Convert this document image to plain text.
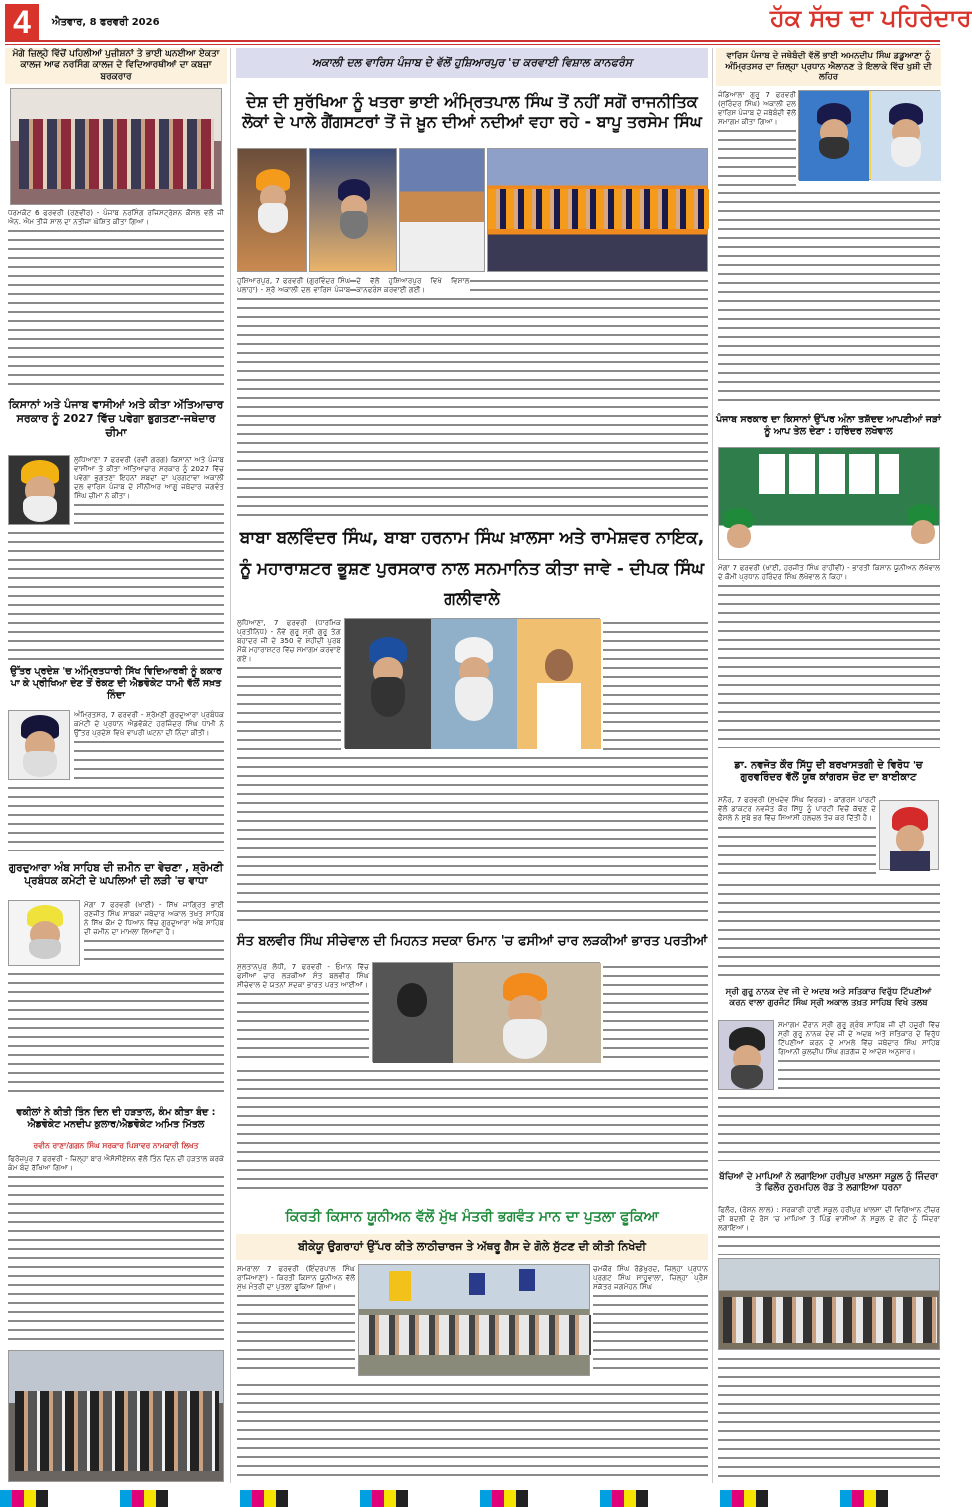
4	ਐਤਵਾਰ, 8 ਫਰਵਰੀ 2026	ਹੱਕ ਸੱਚ ਦਾ ਪਹਿਰੇਦਾਰ
ਮੋਗੇ ਜ਼ਿਲ੍ਹੇ ਵਿੱਚੋਂ ਪਹਿਲੀਆਂ ਪੁਜ਼ੀਸ਼ਨਾਂ ਤੇ ਭਾਈ ਘਨਈਆ ਏਕਤਾ ਕਾਲਜ ਆਫ ਨਰਸਿੰਗ ਕਾਲਜ ਦੇ ਵਿਦਿਆਰਥੀਆਂ ਦਾ ਕਬਜ਼ਾ ਬਰਕਰਾਰ

ਧਰਮਕੋਟ 6 ਫਰਵਰੀ (ਰਣਵੀਰ) - ਪੰਜਾਬ ਨਰਸਿੰਗ ਰਜਿਸਟ੍ਰੇਸ਼ਨ ਕੌਂਸਲ ਵਲੋਂ ਜੀ ਐਨ. ਐਮ ਤੀਜੇ ਸਾਲ ਦਾ ਨਤੀਜਾ ਘੋਸ਼ਿਤ ਕੀਤਾ ਗਿਆ।

ਕਿਸਾਨਾਂ ਅਤੇ ਪੰਜਾਬ ਵਾਸੀਆਂ ਅਤੇ ਕੀਤਾ ਅੱਤਿਆਚਾਰ ਸਰਕਾਰ ਨੂੰ 2027 ਵਿੱਚ ਪਵੇਗਾ ਭੁਗਤਣਾ-ਜਥੇਦਾਰ ਚੀਮਾ

ਲੁਧਿਆਣਾ 7 ਫਰਵਰੀ (ਰਵੀ ਗਰਗ) ਕਿਸਾਨਾਂ ਅਤੇ ਪੰਜਾਬ ਵਾਸੀਆ ਤੇ ਕੀਤਾ ਅੱਤਿਆਚਾਰ ਸਰਕਾਰ ਨੂੰ 2027 ਵਿੱਚ ਪਵੇਗਾ ਭੁਗਤਣਾ ਇਹਨਾਂ ਸ਼ਬਦਾਂ ਦਾ ਪ੍ਰਗਟਾਵਾ ਅਕਾਲੀ ਦਲ ਵਾਰਿਸ ਪੰਜਾਬ ਦੇ ਸੀਨੀਅਰ ਆਗੂ ਜਥੇਦਾਰ ਜਗਵੰਤ ਸਿੰਘ ਚੀਮਾ ਨੇ ਕੀਤਾ।

ਉੱਤਰ ਪ੍ਰਦੇਸ਼ 'ਚ ਅੰਮ੍ਰਿਤਧਾਰੀ ਸਿੱਖ ਵਿਦਿਆਰਥੀ ਨੂੰ ਕਕਾਰ ਪਾ ਕੇ ਪ੍ਰੀਖਿਆ ਦੇਣ ਤੋਂ ਰੋਕਣ ਦੀ ਐਡਵੋਕੇਟ ਧਾਮੀ ਵੱਲੋਂ ਸਖ਼ਤ ਨਿੰਦਾ

ਅੰਮ੍ਰਿਤਸਰ, 7 ਫਰਵਰੀ - ਸ਼੍ਰੋਮਣੀ ਗੁਰਦੁਆਰਾ ਪ੍ਰਬੰਧਕ ਕਮੇਟੀ ਦੇ ਪ੍ਰਧਾਨ ਐਡਵੋਕੇਟ ਹਰਜਿੰਦਰ ਸਿੰਘ ਧਾਮੀ ਨੇ ਉੱਤਰ ਪ੍ਰਦੇਸ਼ ਵਿਖੇ ਵਾਪਰੀ ਘਟਨਾ ਦੀ ਨਿੰਦਾ ਕੀਤੀ।

ਗੁਰਦੁਆਰਾ ਅੰਬ ਸਾਹਿਬ ਦੀ ਜ਼ਮੀਨ ਦਾ ਵੇਚਣਾ , ਸ਼੍ਰੋਮਣੀ ਪ੍ਰਬੰਧਕ ਕਮੇਟੀ ਦੇ ਘਪਲਿਆਂ ਦੀ ਲੜੀ 'ਚ ਵਾਧਾ

ਮੋਗਾ 7 ਫਰਵਰੀ (ਖਾਈ) - ਸਿੱਖ ਜਾਗ੍ਰਿਤ ਭਾਈ ਰਣਜੀਤ ਸਿੰਘ ਸਾਬਕਾ ਜਥੇਦਾਰ ਅਕਾਲ ਤਖ਼ਤ ਸਾਹਿਬ ਨੇ ਸਿੱਖ ਕੌਮ ਦੇ ਧਿਆਨ ਵਿੱਚ ਗੁਰਦੁਆਰਾ ਅੰਬ ਸਾਹਿਬ ਦੀ ਜ਼ਮੀਨ ਦਾ ਮਾਮਲਾ ਲਿਆਂਦਾ ਹੈ।

ਵਕੀਲਾਂ ਨੇ ਕੀਤੀ ਤਿੰਨ ਦਿਨ ਦੀ ਹੜਤਾਲ, ਕੰਮ ਕੀਤਾ ਬੰਦ : ਐਡਵੋਕੇਟ ਮਨਦੀਪ ਕੁਲਾਰ/ਐਡਵੋਕੇਟ ਅਮਿਤ ਮਿੱਤਲ
ਰਵੀਨ ਰਾਣਾ/ਗਗਨ ਸਿੰਘ ਸਰਕਾਰ ਪਿਸ਼ਾਵਰ ਨਾਮਕਾਰੀ ਲਿਖਤ

ਫਿਰੋਜ਼ਪੁਰ 7 ਫਰਵਰੀ - ਜ਼ਿਲ੍ਹਾ ਬਾਰ ਐਸੋਸੀਏਸ਼ਨ ਵੱਲੋਂ ਤਿੰਨ ਦਿਨ ਦੀ ਹੜਤਾਲ ਕਰਕੇ ਕੰਮ ਬੰਦ ਰੱਖਿਆ ਗਿਆ।

ਅਕਾਲੀ ਦਲ ਵਾਰਿਸ ਪੰਜਾਬ ਦੇ ਵੱਲੋਂ ਹੁਸ਼ਿਆਰਪੁਰ 'ਚ ਕਰਵਾਈ ਵਿਸ਼ਾਲ ਕਾਨਫਰੰਸ
ਦੇਸ਼ ਦੀ ਸੁਰੱਖਿਆ ਨੂੰ ਖਤਰਾ ਭਾਈ ਅੰਮ੍ਰਿਤਪਾਲ ਸਿੰਘ ਤੋਂ ਨਹੀਂ ਸਗੋਂ ਰਾਜਨੀਤਿਕ ਲੋਕਾਂ ਦੇ ਪਾਲੇ ਗੈਂਗਸਟਰਾਂ ਤੋਂ ਜੋ ਖ਼ੂਨ ਦੀਆਂ ਨਦੀਆਂ ਵਹਾ ਰਹੇ - ਬਾਪੂ ਤਰਸੇਮ ਸਿੰਘ

ਹੁਸ਼ਿਆਰਪੁਰ, 7 ਫਰਵਰੀ (ਗੁਰਵਿੰਦਰ ਸਿੰਘ ਪਲਾਹਾ) - ਸ਼੍ਰੋ ਅਕਾਲੀ ਦਲ ਵਾਰਿਸ ਪੰਜਾਬ ਦੇ ਵੱਲੋਂ ਹੁਸ਼ਿਆਰਪੁਰ ਵਿਖੇ ਵਿਸ਼ਾਲ ਕਾਨਫਰੰਸ ਕਰਵਾਈ ਗਈ।

ਬਾਬਾ ਬਲਵਿੰਦਰ ਸਿੰਘ, ਬਾਬਾ ਹਰਨਾਮ ਸਿੰਘ ਖ਼ਾਲਸਾ ਅਤੇ ਰਾਮੇਸ਼ਵਰ ਨਾਇਕ, ਨੂੰ ਮਹਾਰਾਸ਼ਟਰ ਭੂਸ਼ਣ ਪੁਰਸਕਾਰ ਨਾਲ ਸਨਮਾਨਿਤ ਕੀਤਾ ਜਾਵੇ - ਦੀਪਕ ਸਿੰਘ ਗਲੀਵਾਲੇ

ਲੁਧਿਆਣਾ, 7 ਫਰਵਰੀ (ਧਾਰਮਿਕ ਪ੍ਰਤੀਨਿਧ) - ਨੌਵੇਂ ਗੁਰੂ ਸ੍ਰੀ ਗੁਰੂ ਤੇਗ਼ ਬਹਾਦਰ ਜੀ ਦੇ 350 ਵੇਂ ਸ਼ਹੀਦੀ ਪੁਰਬ ਮੌਕੇ ਮਹਾਰਾਸ਼ਟਰ ਵਿੱਚ ਸਮਾਗਮ ਕਰਵਾਏ ਗਏ।

ਸੰਤ ਬਲਵੀਰ ਸਿੰਘ ਸੀਚੇਵਾਲ ਦੀ ਮਿਹਨਤ ਸਦਕਾ ਓਮਾਨ 'ਚ ਫਸੀਆਂ ਚਾਰ ਲੜਕੀਆਂ ਭਾਰਤ ਪਰਤੀਆਂ

ਸੁਲਤਾਨਪੁਰ ਲੋਧੀ, 7 ਫਰਵਰੀ - ਓਮਾਨ ਵਿੱਚ ਫਸੀਆਂ ਚਾਰ ਲੜਕੀਆਂ ਸੰਤ ਬਲਵੀਰ ਸਿੰਘ ਸੀਚੇਵਾਲ ਦੇ ਯਤਨਾਂ ਸਦਕਾ ਭਾਰਤ ਪਰਤ ਆਈਆਂ।

ਕਿਰਤੀ ਕਿਸਾਨ ਯੂਨੀਅਨ ਵੱਲੋਂ ਮੁੱਖ ਮੰਤਰੀ ਭਗਵੰਤ ਮਾਨ ਦਾ ਪੁਤਲਾ ਫੂਕਿਆ
ਬੀਕੇਯੂ ਉਗਰਾਹਾਂ ਉੱਪਰ ਕੀਤੇ ਲਾਠੀਚਾਰਜ ਤੇ ਅੱਥਰੂ ਗੈਸ ਦੇ ਗੋਲੇ ਸੁੱਟਣ ਦੀ ਕੀਤੀ ਨਿਖੇਦੀ

ਸਮਰਾਲਾ 7 ਫਰਵਰੀ (ਇੰਦਰਪਾਲ ਸਿੰਘ ਰਾਜਿਆਣਾ) - ਕਿਰਤੀ ਕਿਸਾਨ ਯੂਨੀਅਨ ਵੱਲੋਂ ਮੁੱਖ ਮੰਤਰੀ ਦਾ ਪੁਤਲਾ ਫੂਕਿਆ ਗਿਆ।

ਚਮਕੌਰ ਸਿੰਘ ਰੋਡੇਖੁਰਦ, ਜ਼ਿਲ੍ਹਾ ਪ੍ਰਧਾਨ ਪ੍ਰਗਟ ਸਿੰਘ ਸਾਹੂਵਾਲਾ, ਜ਼ਿਲ੍ਹਾ ਪ੍ਰੈਸ ਸਕੱਤਰ ਜਗਮੋਹਨ ਸਿੰਘ

ਵਾਰਿਸ ਪੰਜਾਬ ਦੇ ਜਥੇਬੰਦੀ ਵੱਲੋਂ ਭਾਈ ਅਮਨਦੀਪ ਸਿੰਘ ਡਡੂਆਣਾ ਨੂੰ ਅੰਮ੍ਰਿਤਸਰ ਦਾ ਜ਼ਿਲ੍ਹਾ ਪ੍ਰਧਾਨ ਐਲਾਨਣ ਤੇ ਇਲਾਕੇ ਵਿੱਚ ਖੁਸ਼ੀ ਦੀ ਲਹਿਰ

ਜੰਡਿਆਲਾ ਗੁਰੂ 7 ਫਰਵਰੀ (ਸੁਰਿੰਦਰ ਸਿੰਘ) ਅਕਾਲੀ ਦਲ ਵਾਰਿਸ ਪੰਜਾਬ ਦੇ ਜਥੇਬੰਦੀ ਵੱਲੋਂ ਸਮਾਗਮ ਕੀਤਾ ਗਿਆ।

ਪੰਜਾਬ ਸਰਕਾਰ ਦਾ ਕਿਸਾਨਾਂ ਉੱਪਰ ਅੰਨਾ ਤਸ਼ੱਦਦ ਆਪਣੀਆਂ ਜੜਾਂ ਨੂੰ ਆਪ ਤੇਲ ਦੇਣਾ : ਹਰਿੰਦਰ ਲਖੋਵਾਲ

ਮੋਗਾ 7 ਫਰਵਰੀ (ਖਾਈ, ਹਰਜੀਤ ਸਿੰਘ ਰਾਹੀਵੀਂ) - ਭਾਰਤੀ ਕਿਸਾਨ ਯੂਨੀਅਨ ਲੱਖੋਵਾਲ ਦੇ ਕੌਮੀ ਪ੍ਰਧਾਨ ਹਰਿੰਦਰ ਸਿੰਘ ਲੱਖੋਵਾਲ ਨੇ ਕਿਹਾ।

ਡਾ. ਨਵਜੋਤ ਕੌਰ ਸਿੱਧੂ ਦੀ ਬਰਖਾਸਤਗੀ ਦੇ ਵਿਰੋਧ 'ਚ ਗੁਰਵਰਿੰਦਰ ਵੱਲੋਂ ਯੂਥ ਕਾਂਗਰਸ ਚੋਣ ਦਾ ਬਾਈਕਾਟ

ਸਨੌਰ, 7 ਫਰਵਰੀ (ਸੁਖਦੇਵ ਸਿੰਘ ਵਿਰਕ) - ਕਾਂਗਰਸ ਪਾਰਟੀ ਵੱਲੋਂ ਡਾਕਟਰ ਨਵਜੋਤ ਕੌਰ ਸਿੱਧੂ ਨੂੰ ਪਾਰਟੀ ਵਿਚੋਂ ਕੱਢਣ ਦੇ ਫੈਸਲੇ ਨੇ ਸੂਬੇ ਭਰ ਵਿੱਚ ਸਿਆਸੀ ਹਲਚਲ ਤੇਜ਼ ਕਰ ਦਿੱਤੀ ਹੈ।

ਸ੍ਰੀ ਗੁਰੂ ਨਾਨਕ ਦੇਵ ਜੀ ਦੇ ਅਦਬ ਅਤੇ ਸਤਿਕਾਰ ਵਿਰੁੱਧ ਟਿੱਪਣੀਆਂ ਕਰਨ ਵਾਲਾ ਗੁਰਜੰਟ ਸਿੰਘ ਸ੍ਰੀ ਅਕਾਲ ਤਖ਼ਤ ਸਾਹਿਬ ਵਿਖੇ ਤਲਬ

ਸਮਾਗਮ ਦੌਰਾਨ ਸ੍ਰੀ ਗੁਰੂ ਗ੍ਰੰਥ ਸਾਹਿਬ ਜੀ ਦੀ ਹਜ਼ੂਰੀ ਵਿੱਚ ਸ੍ਰੀ ਗੁਰੂ ਨਾਨਕ ਦੇਵ ਜੀ ਦੇ ਅਦਬ ਅਤੇ ਸਤਿਕਾਰ ਦੇ ਵਿਰੁੱਧ ਟਿੱਪਣੀਆਂ ਕਰਨ ਦੇ ਮਾਮਲੇ ਵਿੱਚ ਜਥੇਦਾਰ ਸਿੰਘ ਸਾਹਿਬ ਗਿਆਨੀ ਕੁਲਦੀਪ ਸਿੰਘ ਗੜਗੱਜ ਦੇ ਆਦੇਸ਼ ਅਨੁਸਾਰ।

ਬੱਚਿਆਂ ਦੇ ਮਾਪਿਆਂ ਨੇ ਲਗਾਇਆ ਹਰੀਪੁਰ ਖ਼ਾਲਸਾ ਸਕੂਲ ਨੂੰ ਜਿੰਦਰਾ ਤੇ ਫਿਲੌਰ ਨੂਰਮਹਿਲ ਰੋਡ ਤੇ ਲਗਾਇਆ ਧਰਨਾ

ਫਿਲੌਰ, (ਰੋਸ਼ਨ ਲਾਲ) : ਸਰਕਾਰੀ ਹਾਈ ਸਕੂਲ ਹਰੀਪੁਰ ਖ਼ਾਲਸਾ ਦੀ ਵਿਗਿਆਨ ਟੀਚਰ ਦੀ ਬਦਲੀ ਦੇ ਰੋਸ 'ਚ ਮਾਪਿਆਂ ਤੇ ਪਿੰਡ ਵਾਸੀਆਂ ਨੇ ਸਕੂਲ ਦੇ ਗੇਟ ਨੂੰ ਜਿੰਦਰਾ ਲਗਾਇਆ।
